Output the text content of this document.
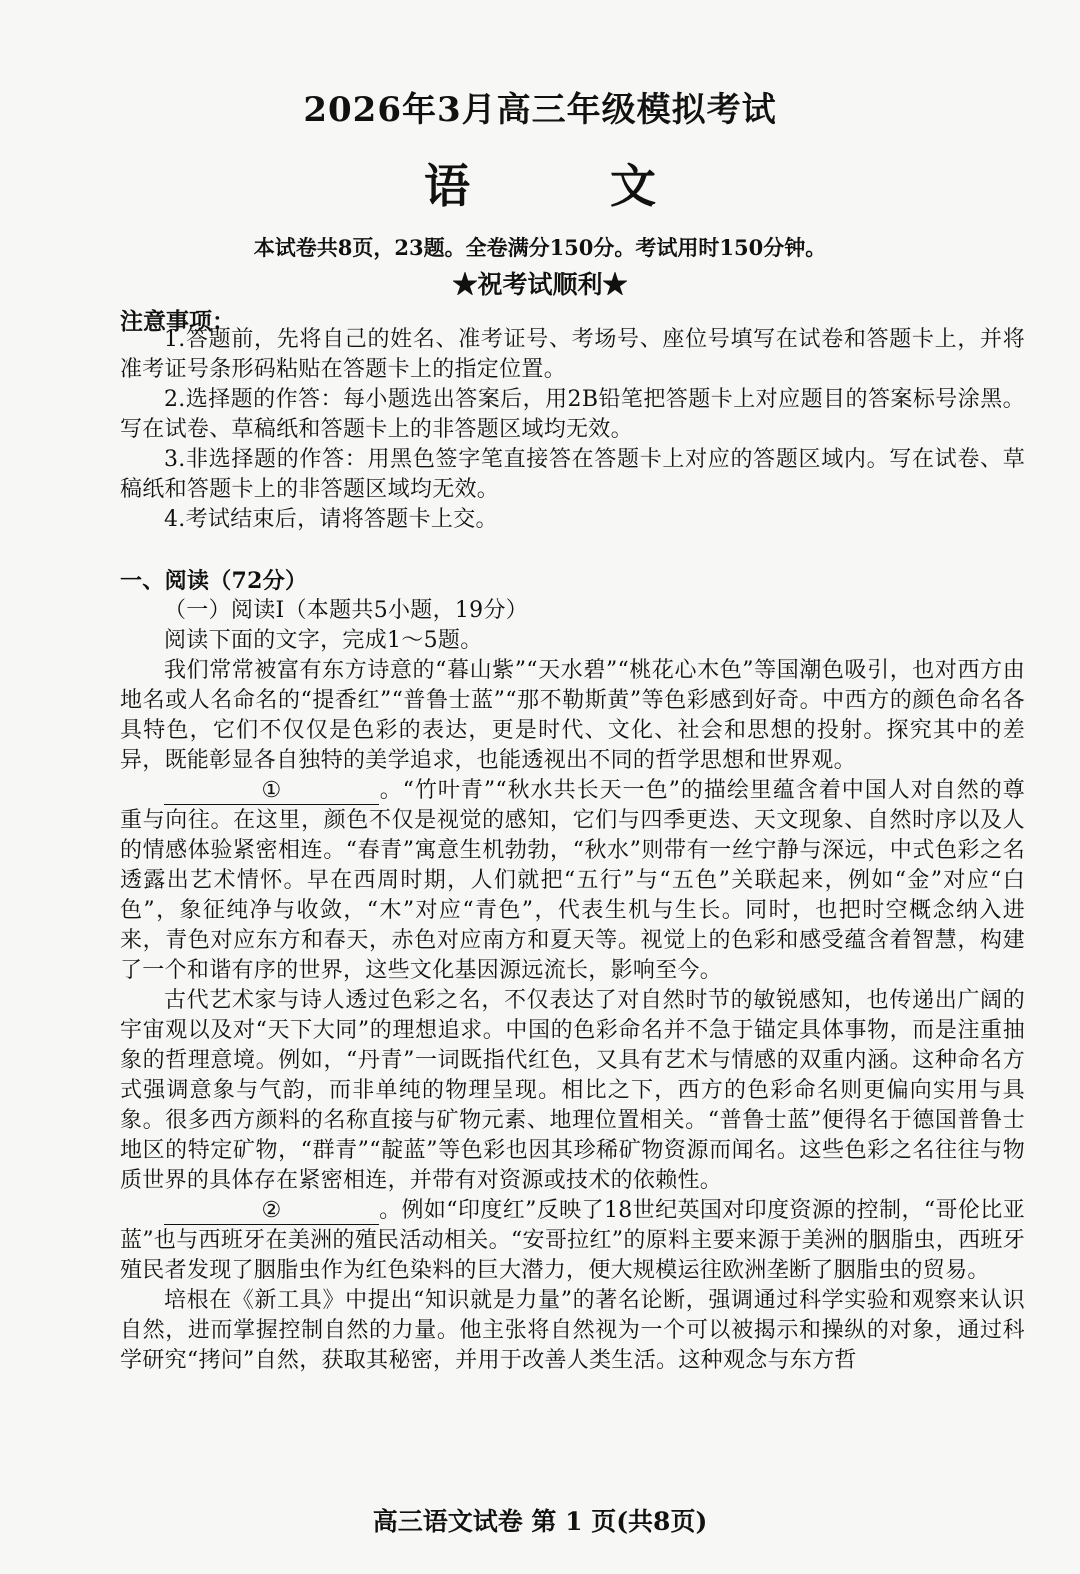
2026年3月高三年级模拟考试
语 文
本试卷共8页，23题。全卷满分150分。考试用时150分钟。
★祝考试顺利★
注意事项：

1.答题前，先将自己的姓名、准考证号、考场号、座位号填写在试卷和答题卡上，并将准考证号条形码粘贴在答题卡上的指定位置。

2.选择题的作答：每小题选出答案后，用2B铅笔把答题卡上对应题目的答案标号涂黑。写在试卷、草稿纸和答题卡上的非答题区域均无效。

3.非选择题的作答：用黑色签字笔直接答在答题卡上对应的答题区域内。写在试卷、草稿纸和答题卡上的非答题区域均无效。

4.考试结束后，请将答题卡上交。

一、阅读（72分）

（一）阅读Ⅰ（本题共5小题，19分）

阅读下面的文字，完成1～5题。

我们常常被富有东方诗意的“暮山紫”“天水碧”“桃花心木色”等国潮色吸引，也对西方由地名或人名命名的“提香红”“普鲁士蓝”“那不勒斯黄”等色彩感到好奇。中西方的颜色命名各具特色，它们不仅仅是色彩的表达，更是时代、文化、社会和思想的投射。探究其中的差异，既能彰显各自独特的美学追求，也能透视出不同的哲学思想和世界观。

①	。“竹叶青”“秋水共长天一色”的描绘里蕴含着中国人对自然的尊重与向往。在这里，颜色不仅是视觉的感知，它们与四季更迭、天文现象、自然时序以及人的情感体验紧密相连。“春青”寓意生机勃勃，“秋水”则带有一丝宁静与深远，中式色彩之名透露出艺术情怀。早在西周时期，人们就把“五行”与“五色”关联起来，例如“金”对应“白色”，象征纯净与收敛，“木”对应“青色”，代表生机与生长。同时，也把时空概念纳入进来，青色对应东方和春天，赤色对应南方和夏天等。视觉上的色彩和感受蕴含着智慧，构建了一个和谐有序的世界，这些文化基因源远流长，影响至今。

古代艺术家与诗人透过色彩之名，不仅表达了对自然时节的敏锐感知，也传递出广阔的宇宙观以及对“天下大同”的理想追求。中国的色彩命名并不急于锚定具体事物，而是注重抽象的哲理意境。例如，“丹青”一词既指代红色，又具有艺术与情感的双重内涵。这种命名方式强调意象与气韵，而非单纯的物理呈现。相比之下，西方的色彩命名则更偏向实用与具象。很多西方颜料的名称直接与矿物元素、地理位置相关。“普鲁士蓝”便得名于德国普鲁士地区的特定矿物，“群青”“靛蓝”等色彩也因其珍稀矿物资源而闻名。这些色彩之名往往与物质世界的具体存在紧密相连，并带有对资源或技术的依赖性。

②	。例如“印度红”反映了18世纪英国对印度资源的控制，“哥伦比亚蓝”也与西班牙在美洲的殖民活动相关。“安哥拉红”的原料主要来源于美洲的胭脂虫，西班牙殖民者发现了胭脂虫作为红色染料的巨大潜力，便大规模运往欧洲垄断了胭脂虫的贸易。

培根在《新工具》中提出“知识就是力量”的著名论断，强调通过科学实验和观察来认识自然，进而掌握控制自然的力量。他主张将自然视为一个可以被揭示和操纵的对象，通过科学研究“拷问”自然，获取其秘密，并用于改善人类生活。这种观念与东方哲

高三语文试卷 第 1 页(共8页)
